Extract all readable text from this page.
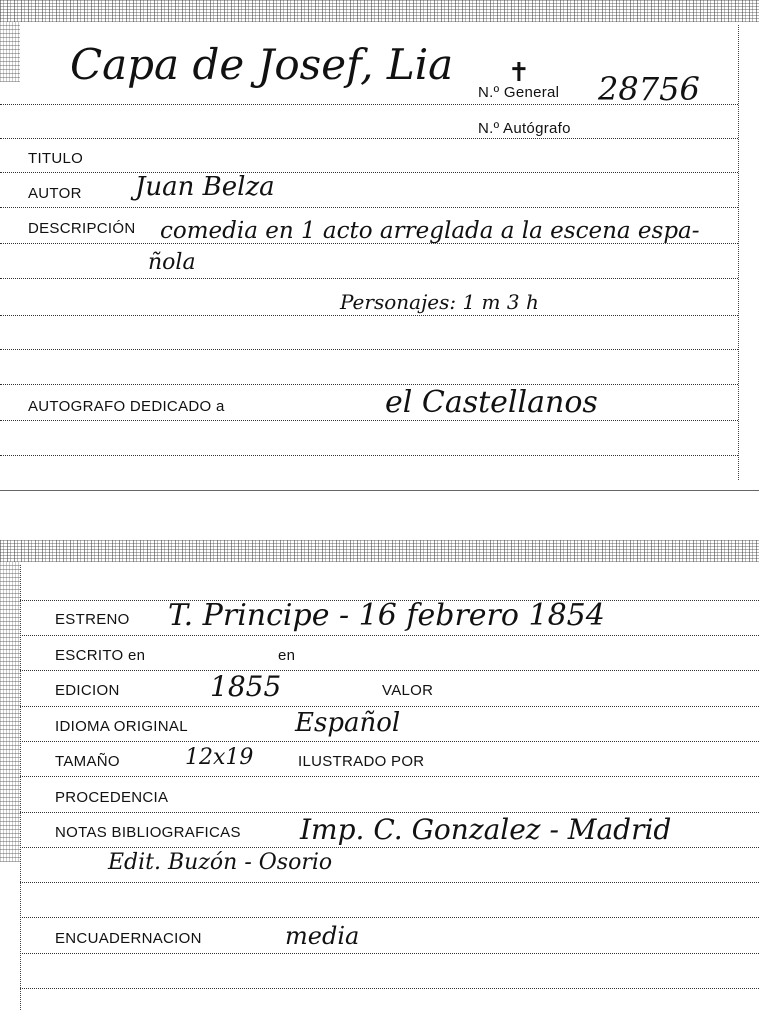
Capa de Josef, Lia ✝
N.º General 28756
N.º Autógrafo
TITULO
AUTOR Juan Belza
DESCRIPCIÓN comedia en 1 acto arreglada a la escena espa-
ñola
Personajes: 1 m 3 h
AUTOGRAFO DEDICADO a	el Castellanos
ESTRENO T. Principe - 16 febrero 1854
ESCRITO en	en
EDICION	1855	VALOR
IDIOMA ORIGINAL	Español
TAMAÑO	12x19	ILUSTRADO POR
PROCEDENCIA
NOTAS BIBLIOGRAFICAS Imp. C. Gonzalez - Madrid
Edit. Buzón - Osorio
ENCUADERNACION	media
